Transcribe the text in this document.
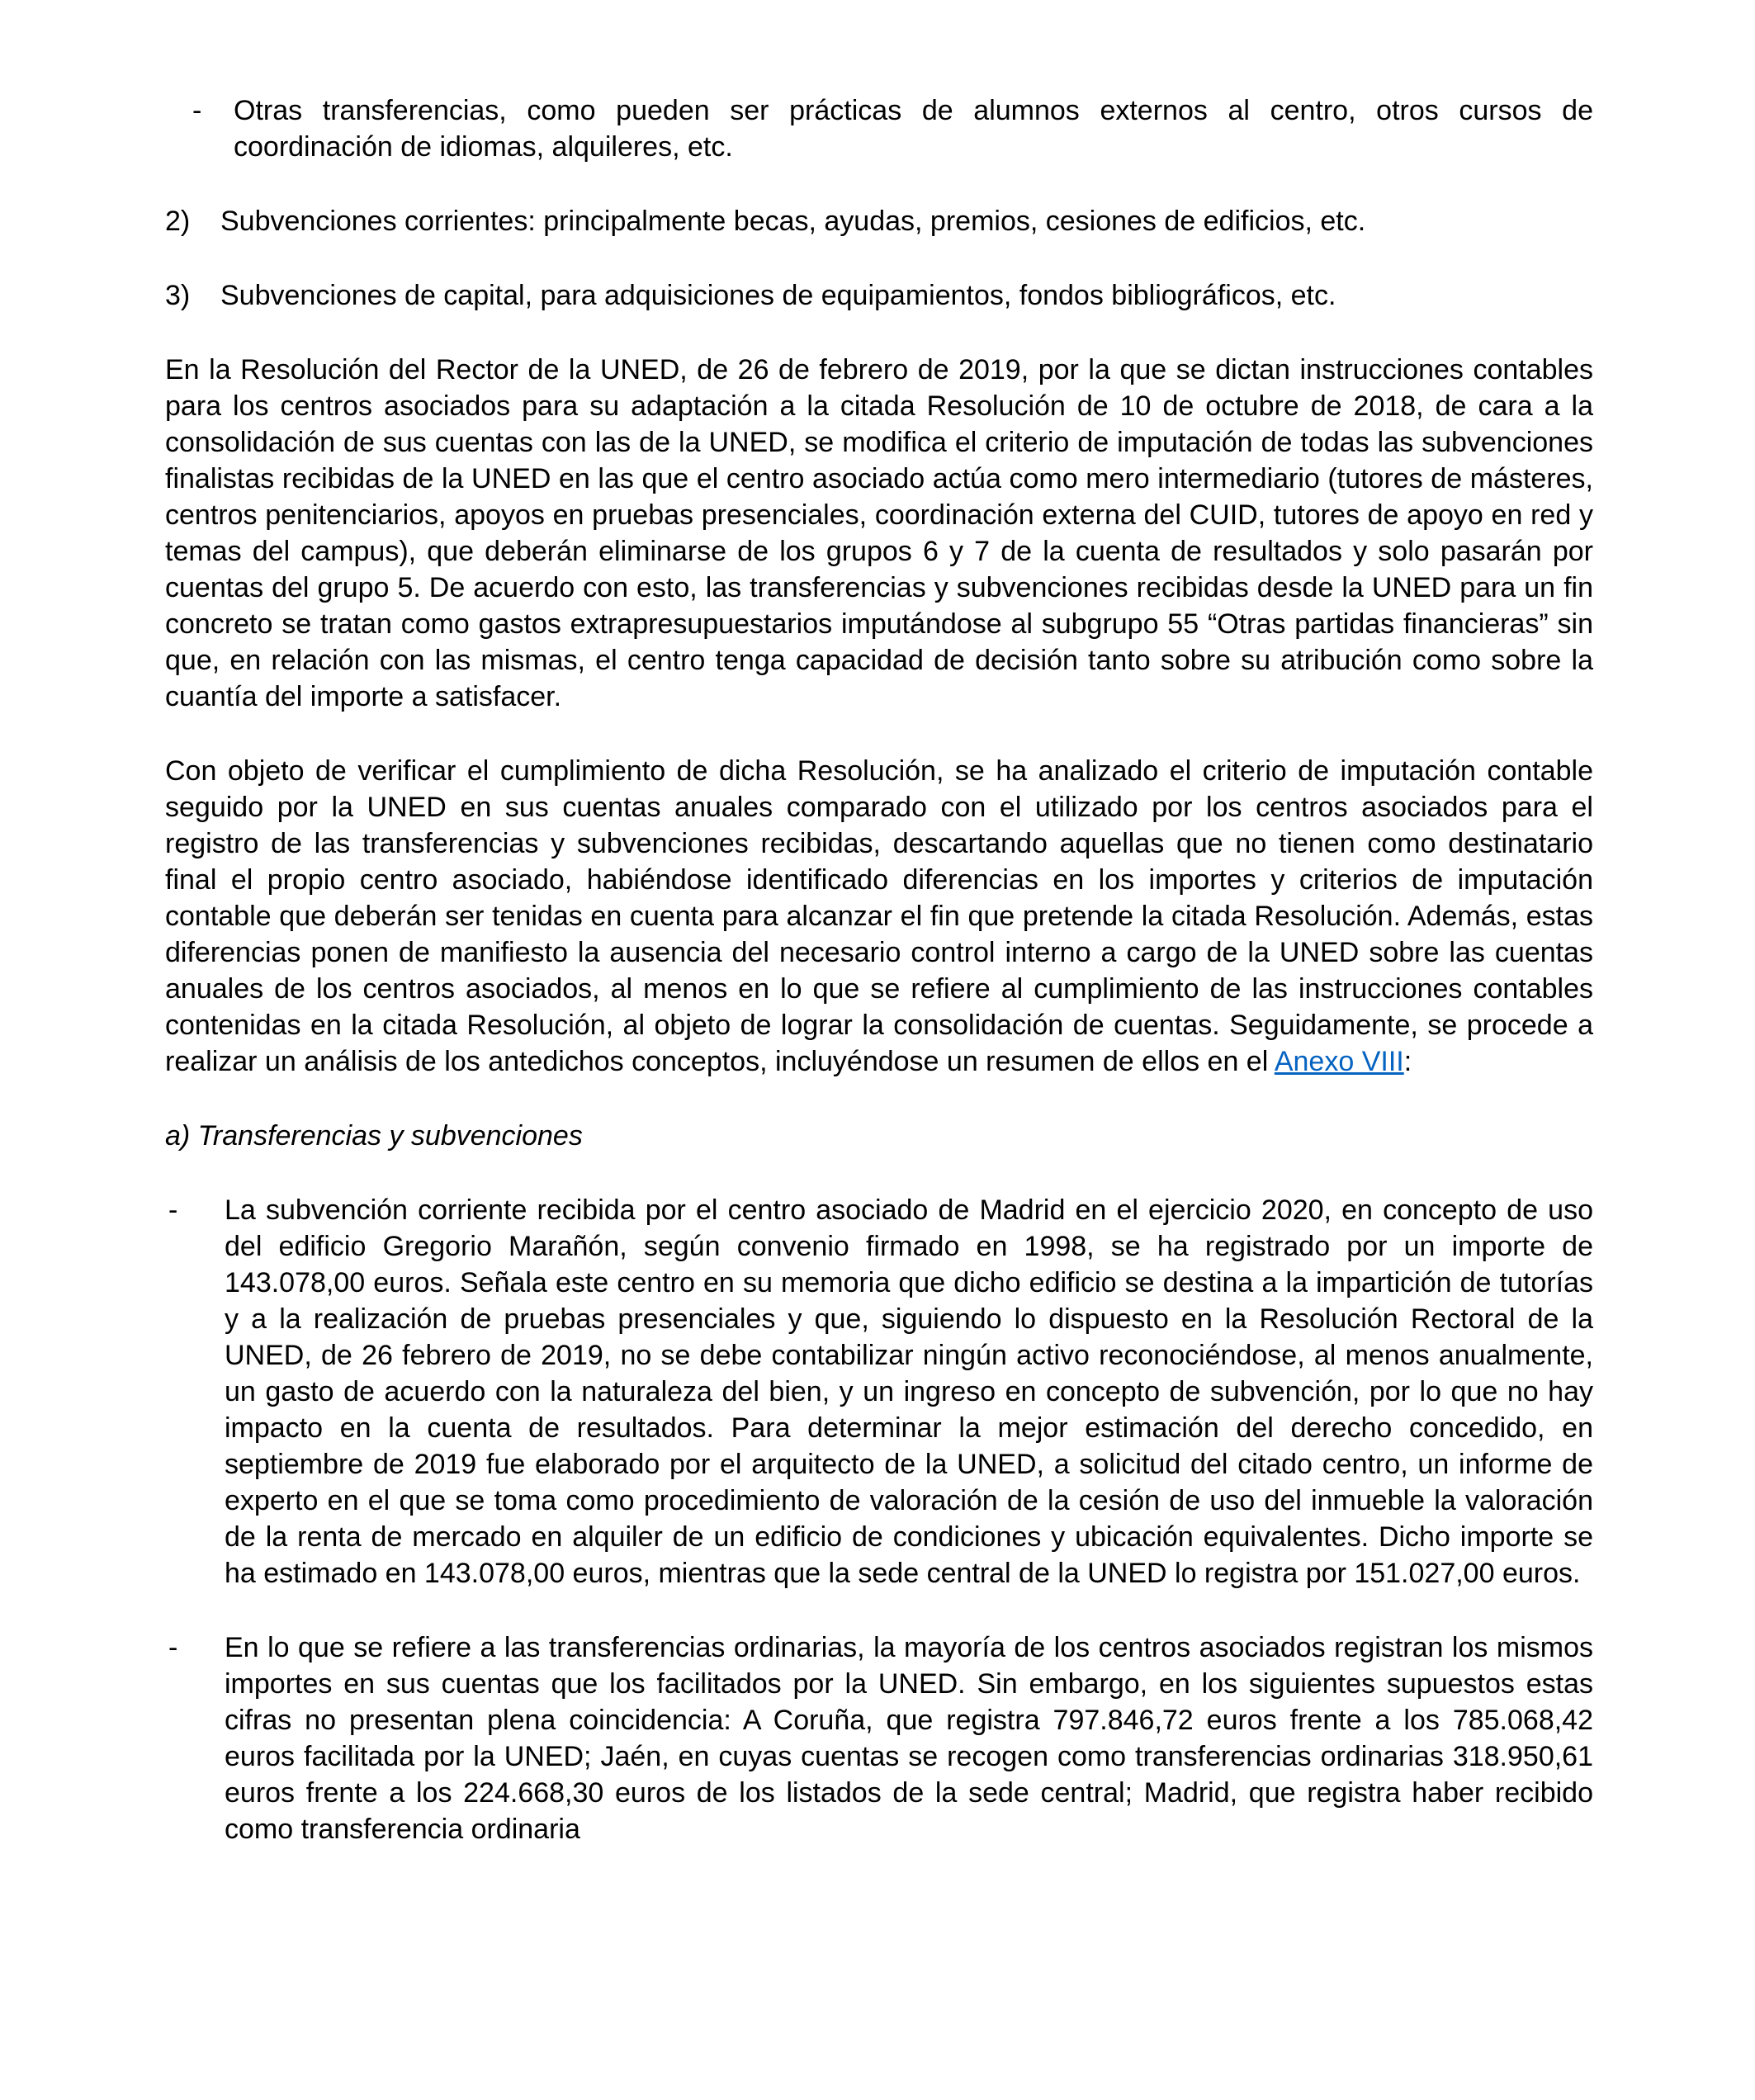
-	Otras transferencias, como pueden ser prácticas de alumnos externos al centro, otros cursos de coordinación de idiomas, alquileres, etc.
2)	Subvenciones corrientes: principalmente becas, ayudas, premios, cesiones de edificios, etc.
3)	Subvenciones de capital, para adquisiciones de equipamientos, fondos bibliográficos, etc.

En la Resolución del Rector de la UNED, de 26 de febrero de 2019, por la que se dictan instrucciones contables para los centros asociados para su adaptación a la citada Resolución de 10 de octubre de 2018, de cara a la consolidación de sus cuentas con las de la UNED, se modifica el criterio de imputación de todas las subvenciones finalistas recibidas de la UNED en las que el centro asociado actúa como mero intermediario (tutores de másteres, centros penitenciarios, apoyos en pruebas presenciales, coordinación externa del CUID, tutores de apoyo en red y temas del campus), que deberán eliminarse de los grupos 6 y 7 de la cuenta de resultados y solo pasarán por cuentas del grupo 5. De acuerdo con esto, las transferencias y subvenciones recibidas desde la UNED para un fin concreto se tratan como gastos extrapresupuestarios imputándose al subgrupo 55 “Otras partidas financieras” sin que, en relación con las mismas, el centro tenga capacidad de decisión tanto sobre su atribución como sobre la cuantía del importe a satisfacer.

Con objeto de verificar el cumplimiento de dicha Resolución, se ha analizado el criterio de imputación contable seguido por la UNED en sus cuentas anuales comparado con el utilizado por los centros asociados para el registro de las transferencias y subvenciones recibidas, descartando aquellas que no tienen como destinatario final el propio centro asociado, habiéndose identificado diferencias en los importes y criterios de imputación contable que deberán ser tenidas en cuenta para alcanzar el fin que pretende la citada Resolución. Además, estas diferencias ponen de manifiesto la ausencia del necesario control interno a cargo de la UNED sobre las cuentas anuales de los centros asociados, al menos en lo que se refiere al cumplimiento de las instrucciones contables contenidas en la citada Resolución, al objeto de lograr la consolidación de cuentas. Seguidamente, se procede a realizar un análisis de los antedichos conceptos, incluyéndose un resumen de ellos en el Anexo VIII:

a) Transferencias y subvenciones

-	La subvención corriente recibida por el centro asociado de Madrid en el ejercicio 2020, en concepto de uso del edificio Gregorio Marañón, según convenio firmado en 1998, se ha registrado por un importe de 143.078,00 euros. Señala este centro en su memoria que dicho edificio se destina a la impartición de tutorías y a la realización de pruebas presenciales y que, siguiendo lo dispuesto en la Resolución Rectoral de la UNED, de 26 febrero de 2019, no se debe contabilizar ningún activo reconociéndose, al menos anualmente, un gasto de acuerdo con la naturaleza del bien, y un ingreso en concepto de subvención, por lo que no hay impacto en la cuenta de resultados. Para determinar la mejor estimación del derecho concedido, en septiembre de 2019 fue elaborado por el arquitecto de la UNED, a solicitud del citado centro, un informe de experto en el que se toma como procedimiento de valoración de la cesión de uso del inmueble la valoración de la renta de mercado en alquiler de un edificio de condiciones y ubicación equivalentes. Dicho importe se ha estimado en 143.078,00 euros, mientras que la sede central de la UNED lo registra por 151.027,00 euros.
-	En lo que se refiere a las transferencias ordinarias, la mayoría de los centros asociados registran los mismos importes en sus cuentas que los facilitados por la UNED. Sin embargo, en los siguientes supuestos estas cifras no presentan plena coincidencia: A Coruña, que registra 797.846,72 euros frente a los 785.068,42 euros facilitada por la UNED; Jaén, en cuyas cuentas se recogen como transferencias ordinarias 318.950,61 euros frente a los 224.668,30 euros de los listados de la sede central; Madrid, que registra haber recibido como transferencia ordinaria
